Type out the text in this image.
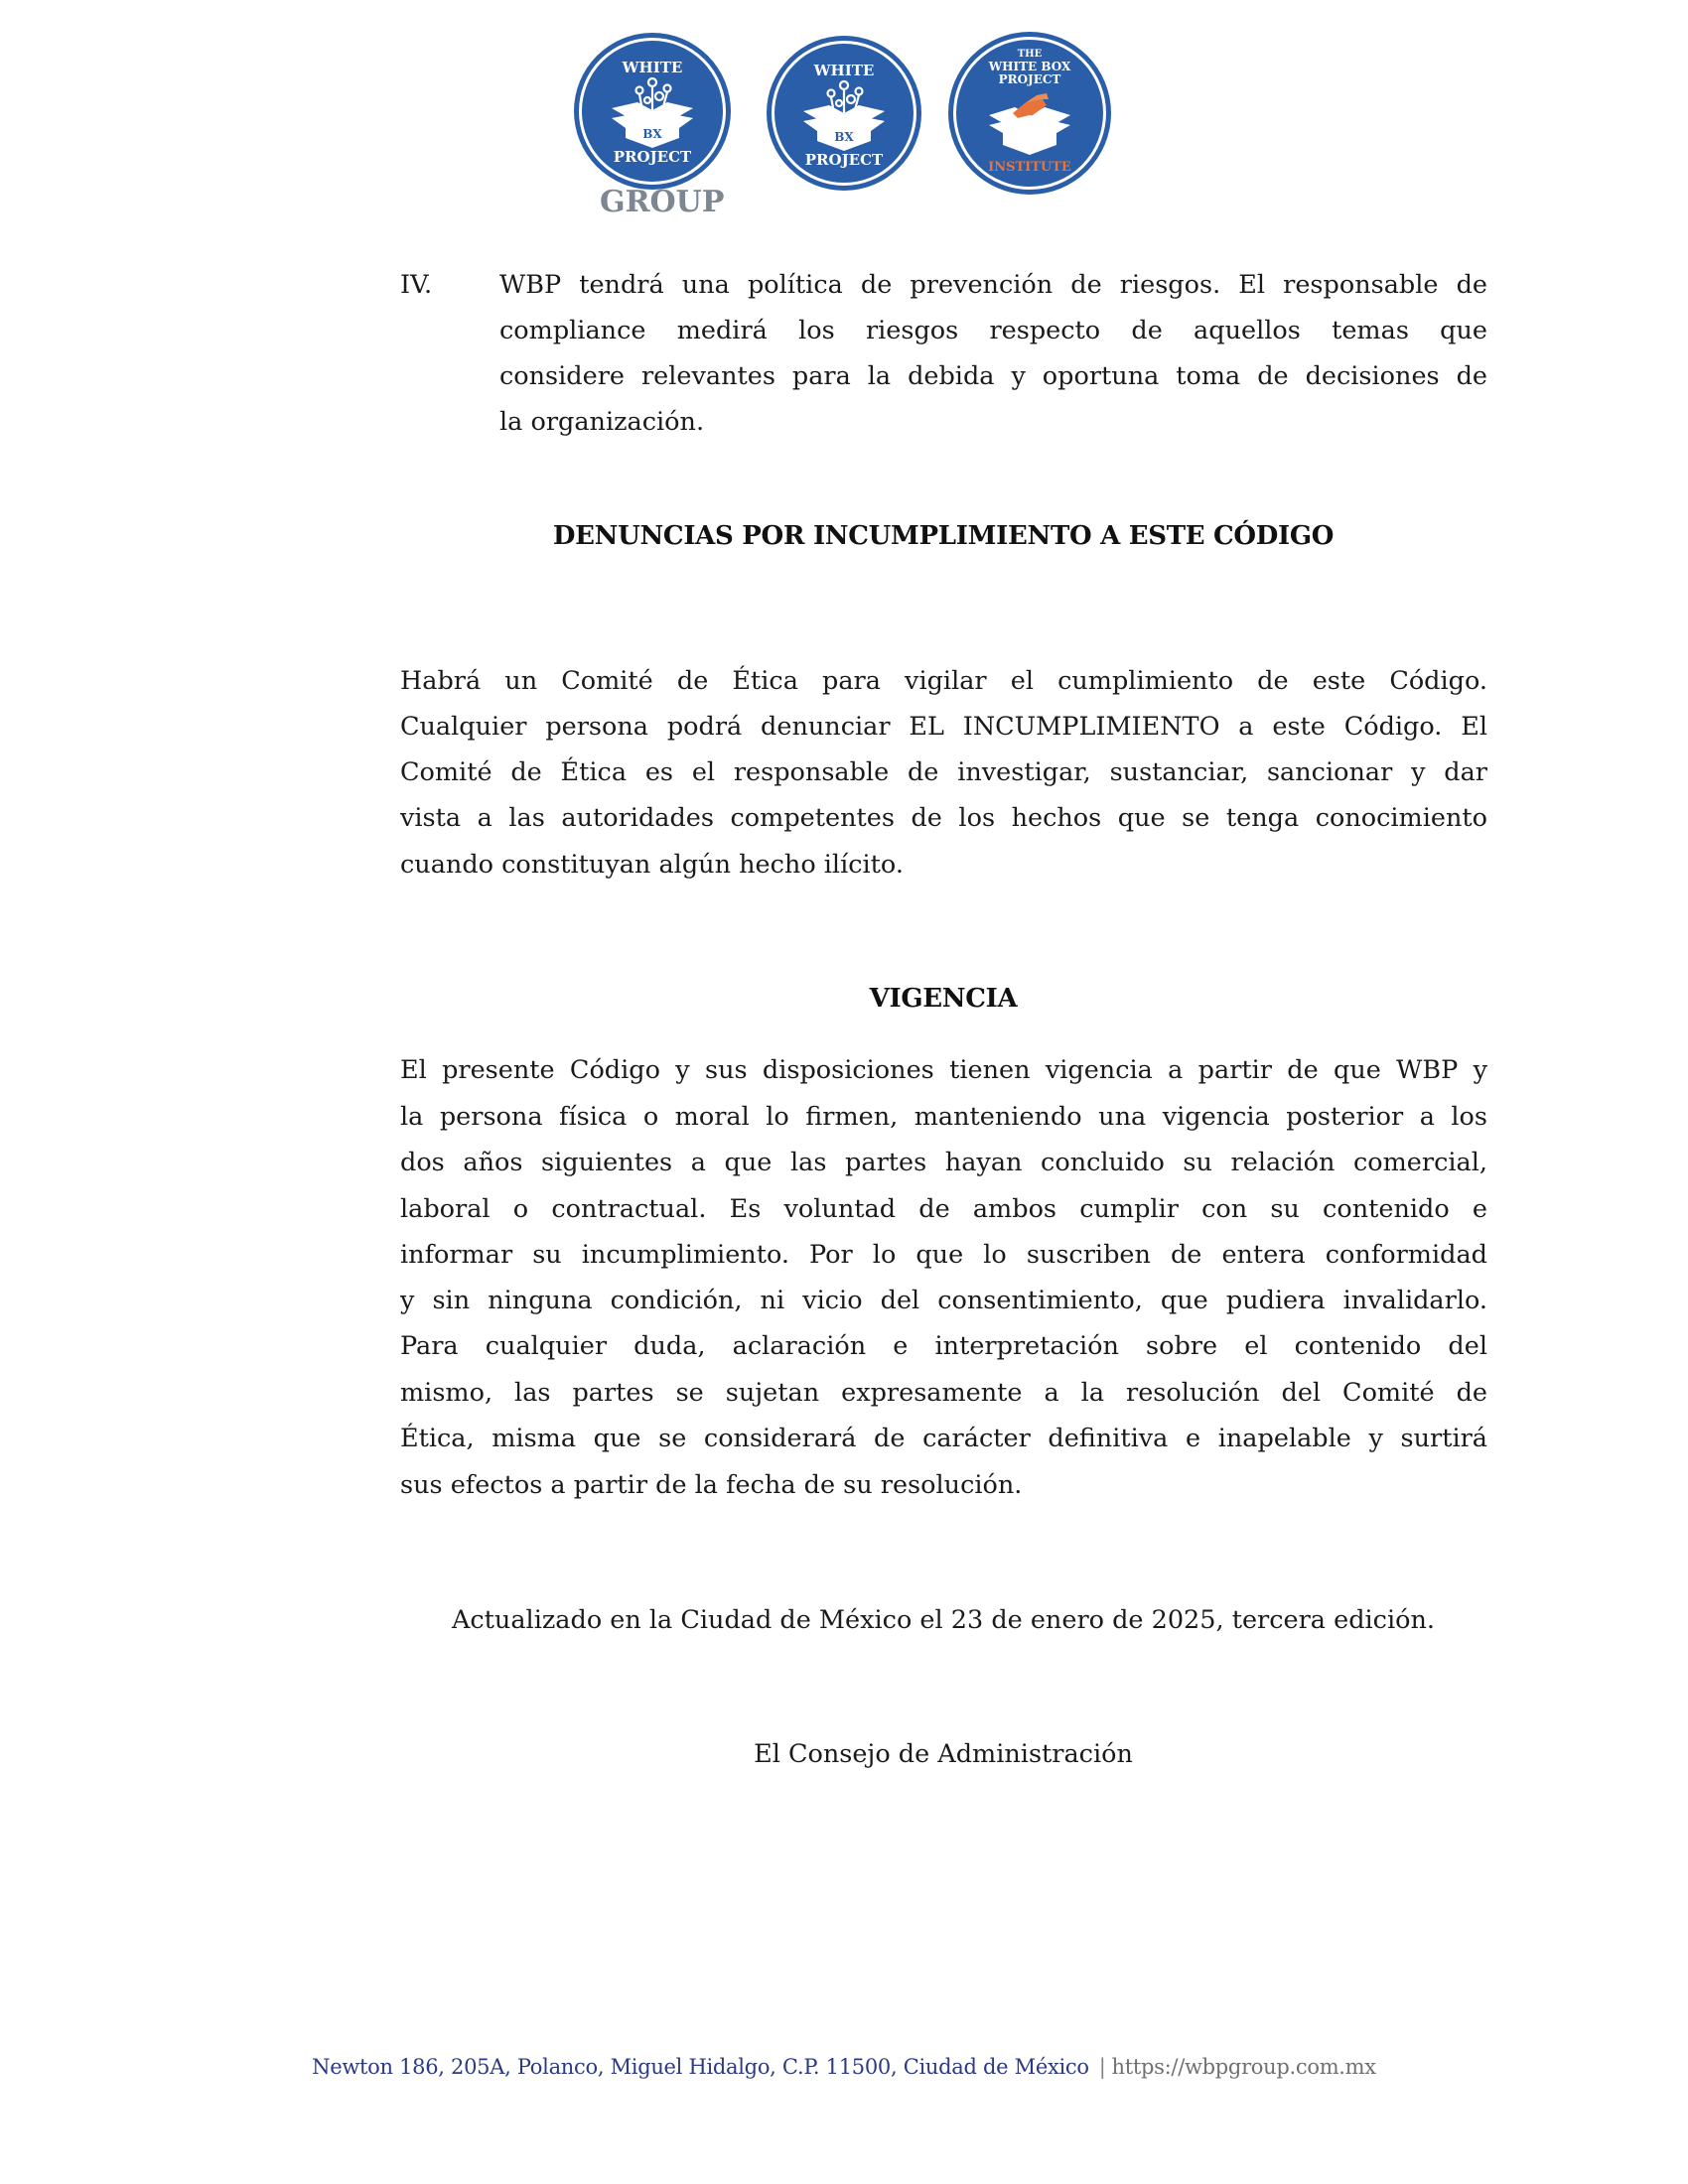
WHITE
BX
PROJECT
GROUP
WHITE
BX
PROJECT
THE
WHITE BOX
PROJECT
INSTITUTE
IV.	WBP tendrá una política de prevención de riesgos. El responsable de
compliance medirá los riesgos respecto de aquellos temas que
considere relevantes para la debida y oportuna toma de decisiones de
la organización.
DENUNCIAS POR INCUMPLIMIENTO A ESTE CÓDIGO
Habrá un Comité de Ética para vigilar el cumplimiento de este Código.
Cualquier persona podrá denunciar EL INCUMPLIMIENTO a este Código. El
Comité de Ética es el responsable de investigar, sustanciar, sancionar y dar
vista a las autoridades competentes de los hechos que se tenga conocimiento
cuando constituyan algún hecho ilícito.
VIGENCIA
El presente Código y sus disposiciones tienen vigencia a partir de que WBP y
la persona física o moral lo firmen, manteniendo una vigencia posterior a los
dos años siguientes a que las partes hayan concluido su relación comercial,
laboral o contractual. Es voluntad de ambos cumplir con su contenido e
informar su incumplimiento. Por lo que lo suscriben de entera conformidad
y sin ninguna condición, ni vicio del consentimiento, que pudiera invalidarlo.
Para cualquier duda, aclaración e interpretación sobre el contenido del
mismo, las partes se sujetan expresamente a la resolución del Comité de
Ética, misma que se considerará de carácter definitiva e inapelable y surtirá
sus efectos a partir de la fecha de su resolución.
Actualizado en la Ciudad de México el 23 de enero de 2025, tercera edición.
El Consejo de Administración
Newton 186, 205A, Polanco, Miguel Hidalgo, C.P. 11500, Ciudad de México | https://wbpgroup.com.mx
